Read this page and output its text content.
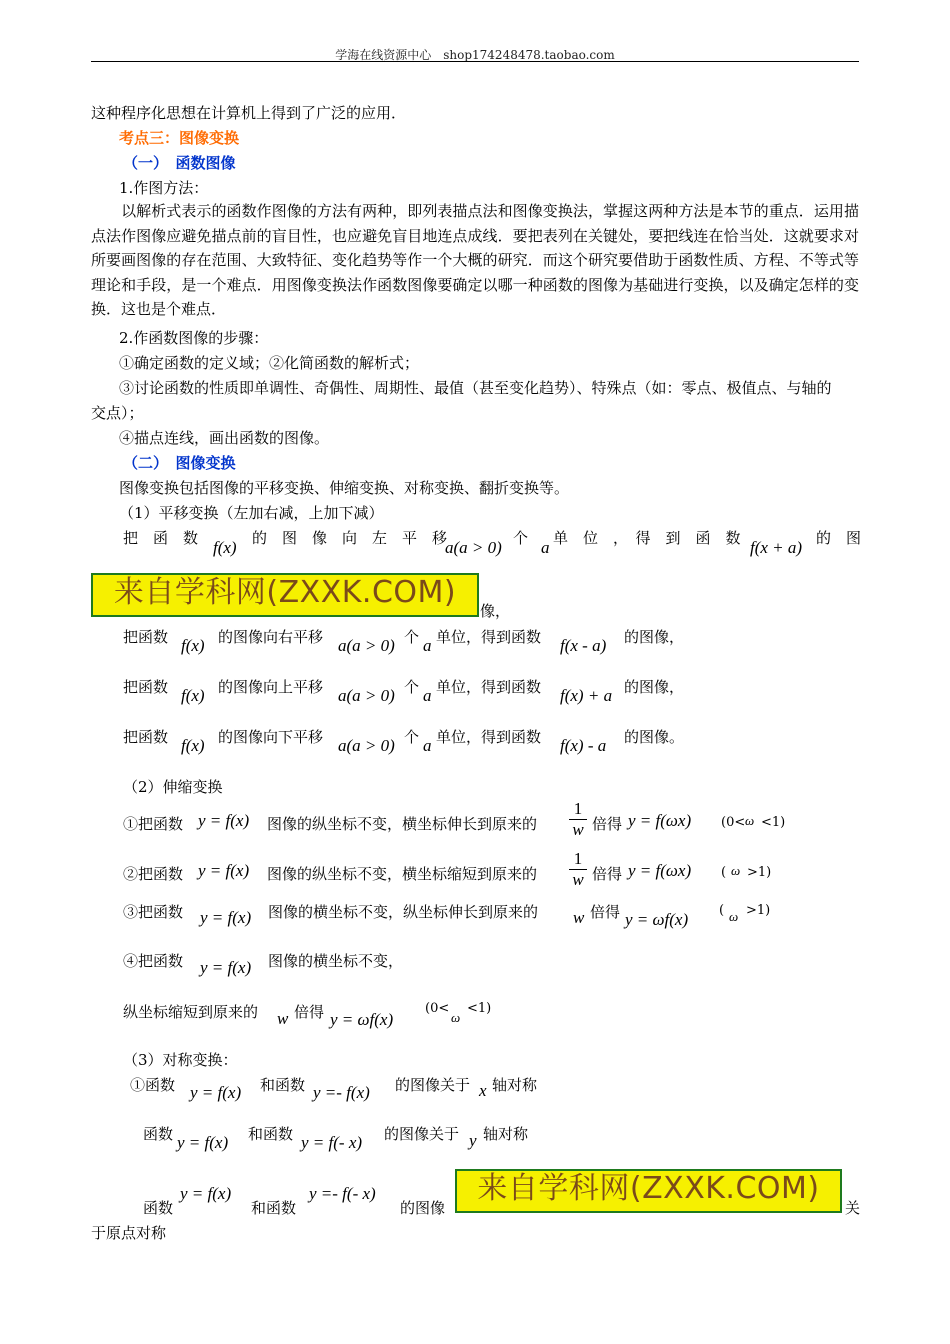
学海在线资源中心　shop174248478.taobao.com
这种程序化思想在计算机上得到了广泛的应用．
考点三：图像变换
（一）　函数图像
1.作图方法：
　　以解析式表示的函数作图像的方法有两种，即列表描点法和图像变换法，掌握这两种方法是本节的重点．运用描点法作图像应避免描点前的盲目性，也应避免盲目地连点成线．要把表列在关键处，要把线连在恰当处．这就要求对所要画图像的存在范围、大致特征、变化趋势等作一个大概的研究．而这个研究要借助于函数性质、方程、不等式等理论和手段，是一个难点．用图像变换法作函数图像要确定以哪一种函数的图像为基础进行变换，以及确定怎样的变换．这也是个难点．
2.作函数图像的步骤：
①确定函数的定义域；②化简函数的解析式；
③讨论函数的性质即单调性、奇偶性、周期性、最值（甚至变化趋势）、特殊点（如：零点、极值点、与轴的
交点）；
④描点连线，画出函数的图像。
（二）　图像变换
图像变换包括图像的平移变换、伸缩变换、对称变换、翻折变换等。
（1）平移变换（左加右减，上加下减）
把　函　数 f(x) 的　图　像　向　左　平　移
a(a > 0) 个 a 单　位　，　得　到　函　数 f(x + a) 的　图
来自学科网(ZXXK.COM)
像，
把函数 f(x) 的图像向右平移 a(a > 0) 个 a 单位，得到函数 f(x - a) 的图像，
把函数 f(x) 的图像向上平移 a(a > 0) 个 a 单位，得到函数 f(x) + a 的图像，
把函数 f(x) 的图像向下平移 a(a > 0) 个 a 单位，得到函数 f(x) - a 的图像。
（2）伸缩变换
①把函数 y = f(x) 图像的纵坐标不变，横坐标伸长到原来的
1
w 倍得 y = f(ωx) (0< ω <1)
②把函数 y = f(x) 图像的纵坐标不变，横坐标缩短到原来的
1
w 倍得 y = f(ωx) ( ω >1)
③把函数 y = f(x) 图像的横坐标不变，纵坐标伸长到原来的 w 倍得 y = ωf(x) ( ω >1)
④把函数 y = f(x) 图像的横坐标不变，
纵坐标缩短到原来的 w 倍得 y = ωf(x)
(0<
ω
<1)
（3）对称变换：
①函数 y = f(x) 和函数 y =- f(x) 的图像关于 x 轴对称
函数 y = f(x) 和函数 y = f(- x) 的图像关于 y 轴对称
函数
y = f(x)
和函数
y =- f(- x)
的图像
来自学科网(ZXXK.COM)
关
于原点对称
